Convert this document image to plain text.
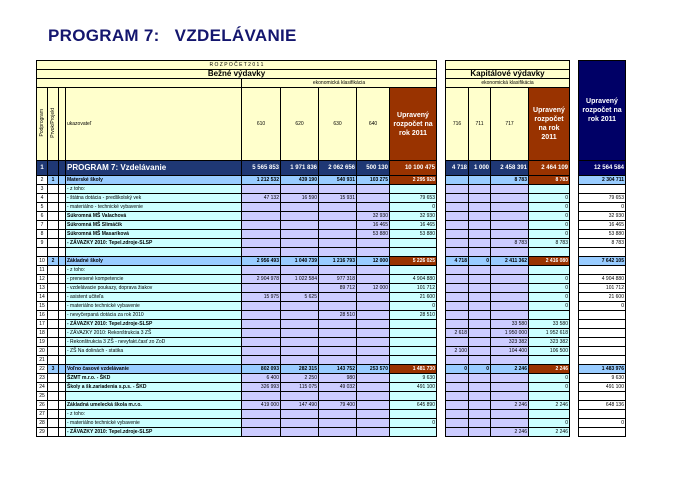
PROGRAM 7:   VZDELÁVANIE
R O Z P O Č E T 2 0 1 1															Upravený rozpočet na rok 2011
Bežné výdavky										Kapitálové výdavky					
				ekonomická klasifikácia						ekonomická klasifikácia					
Podprogram	Prvok/Projekt		ukazovateľ	610	620	630	640	Upravený rozpočet na rok 2011		716	711	717	Upravený rozpočet na rok 2011		
1			PROGRAM 7: Vzdelávanie	5 565 853	1 971 836	2 062 656	500 130	10 100 475		4 718	1 000	2 458 391	2 464 109		12 564 584
2	1		Materské školy	1 212 532	439 190	540 931	103 275	2 295 928				8 783	8 783		2 304 711
3			- z toho:												
4			- štátna dotácia - predškolský vek	47 132	16 590	15 931		79 653					0		79 653
5			- materiálno - technické vybavenie					0					0		0
6			Súkromná MŠ Valachová				32 930	32 930					0		32 930
7			Súkromná MŠ Slimáčik				16 465	16 465					0		16 465
8			Súkromná MŠ Masaríková				53 880	53 880					0		53 880
9			- ZÁVAZKY 2010: Tepel.zdroje-SLSP									8 783	8 783		8 783

10	2		Základné školy	2 956 493	1 040 739	1 216 793	12 000	5 226 025		4 718	0	2 411 362	2 416 080		7 642 105
11			- z toho:												
12			- prenesené kompetencie	2 904 978	1 022 584	977 318		4 904 880					0		4 904 880
13			- vzdelávacie poukazy, doprava žiakov			89 712	12 000	101 712					0		101 712
14			- asistent učiteľa	15 975	5 625			21 600					0		21 600
15			- materiálno technické vybavenie					0					0		0
16			- nevyčerpaná dotácia za rok 2010			28 510		28 510							
17			- ZÁVAZKY 2010: Tepel.zdroje-SLSP									33 580	33 580		
18			- ZÁVAZKY 2010: Rekonštrukcia 3 ZŠ							2 618		1 950 000	1 952 618		
19			- Rekonštrukcia 3 ZŠ - nevyfakt.časť zo ZoD									323 382	323 382		
20			- ZŠ Na dolinách - statika							2 100		104 400	106 500		
21															
22	3		Voľno časové vzdelávanie	802 093	282 315	143 752	253 570	1 481 730		0	0	2 246	2 246		1 483 976
23			ŠZMT m.r.o. - ŠKD	6 400	2 250	980		9 630					0		9 630
24			Školy a šk.zariadenia s.p.s. - ŠKD	326 993	115 075	49 032		491 100					0		491 100
25															
26			Základná umelecká škola m.r.o.	419 000	147 490	79 400		645 890				2 246	2 246		648 136
27			- z toho:												
28			- materiálno technické vybavenie					0					0		0
29			- ZÁVAZKY 2010: Tepel.zdroje-SLSP									2 246	2 246		
